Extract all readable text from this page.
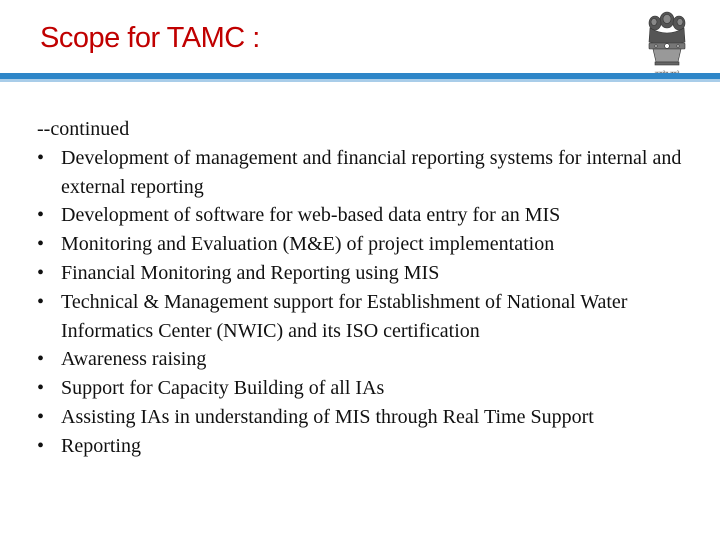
Scope for TAMC :

--continued

• Development of management and financial reporting systems for internal and external reporting
• Development of software for web-based data entry for an MIS
• Monitoring and Evaluation (M&E) of project implementation
• Financial Monitoring and Reporting using MIS
• Technical & Management support for Establishment of National Water Informatics Center (NWIC) and its ISO certification
• Awareness raising
• Support for Capacity Building of all IAs
• Assisting IAs in understanding of MIS through Real Time Support
• Reporting
